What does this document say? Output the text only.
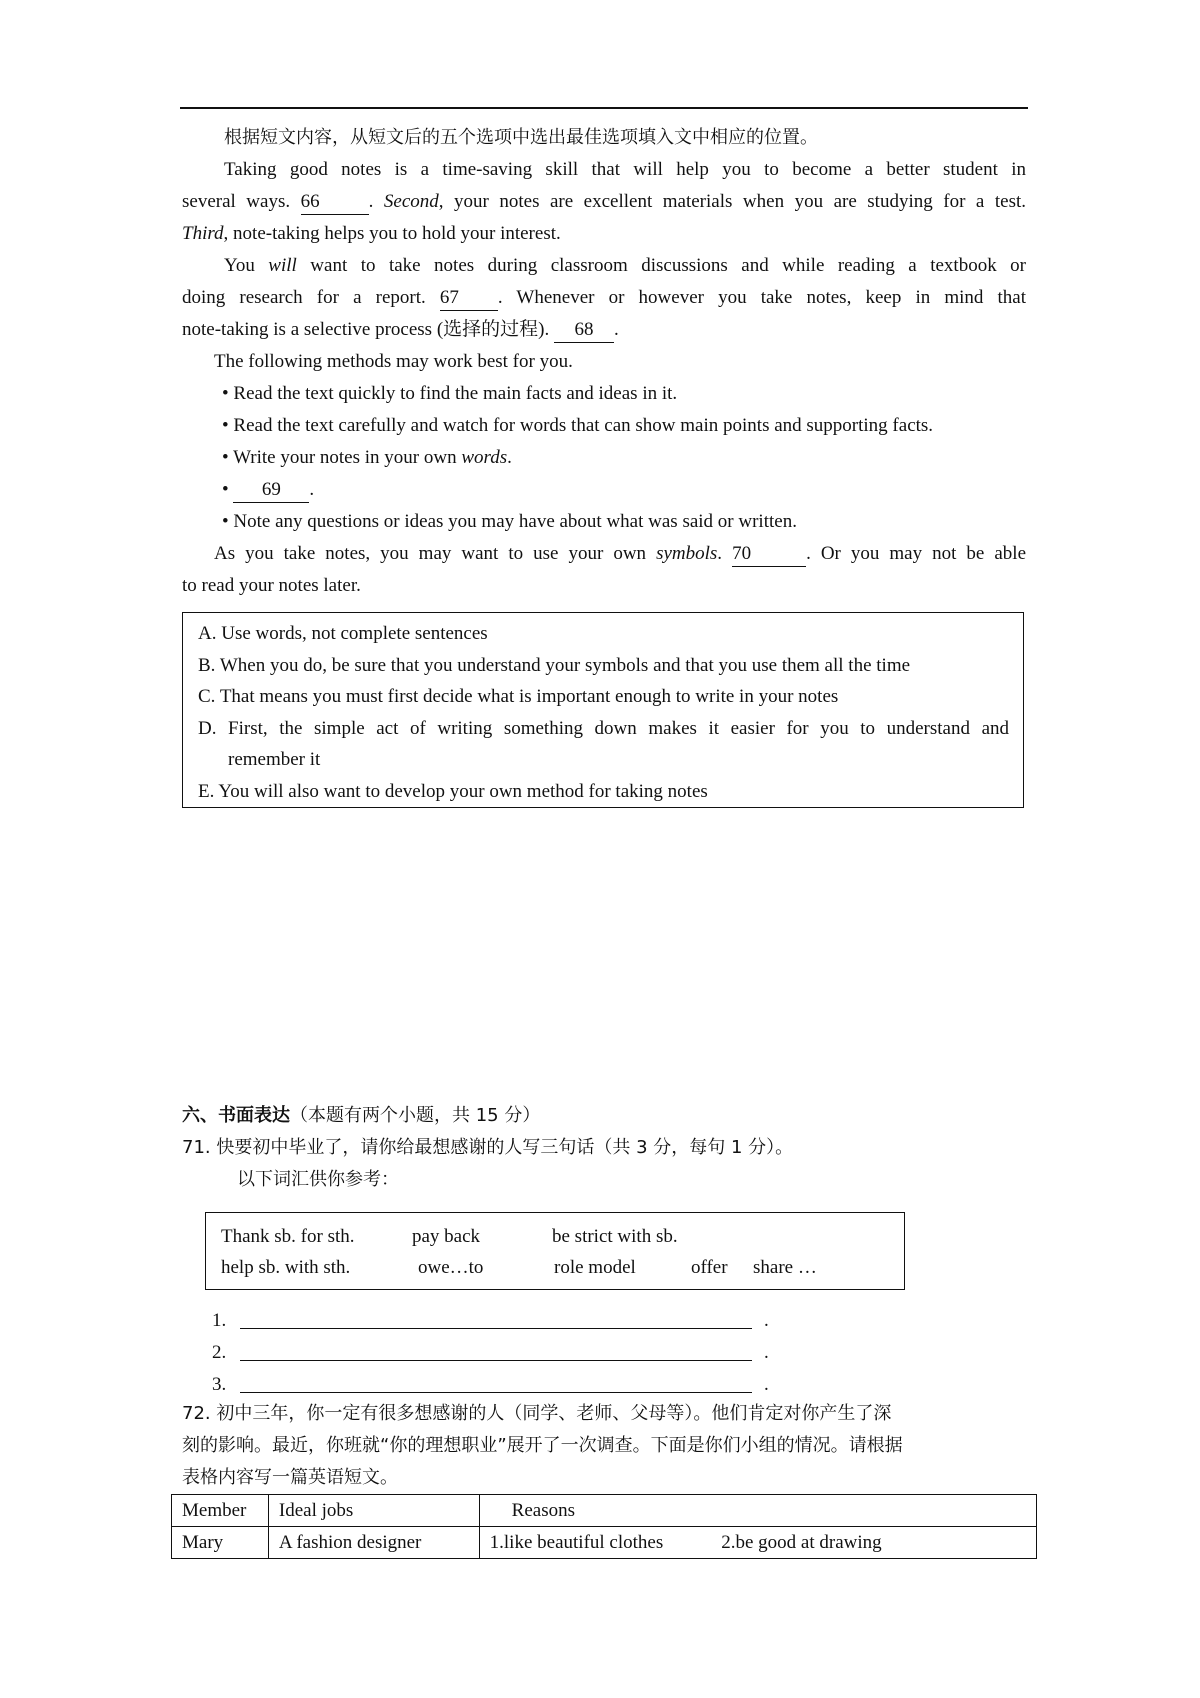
根据短文内容，从短文后的五个选项中选出最佳选项填入文中相应的位置。

Taking good notes is a time-saving skill that will help you to become a better student in

several ways. 66	. Second, your notes are excellent materials when you are studying for a test.

Third, note-taking helps you to hold your interest.

You will want to take notes during classroom discussions and while reading a textbook or

doing research for a report. 67 . Whenever or however you take notes, keep in mind that

note-taking is a selective process (选择的过程). 68 .

The following methods may work best for you.

• Read the text quickly to find the main facts and ideas in it.

• Read the text carefully and watch for words that can show main points and supporting facts.

• Write your notes in your own words.

• 69 .

• Note any questions or ideas you may have about what was said or written.

As you take notes, you may want to use your own symbols. 70	. Or you may not be able

to read your notes later.

A. Use words, not complete sentences

B. When you do, be sure that you understand your symbols and that you use them all the time

C. That means you must first decide what is important enough to write in your notes

D. First, the simple act of writing something down makes it easier for you to understand and

remember it

E. You will also want to develop your own method for taking notes

六、书面表达（本题有两个小题，共 15 分）

71. 快要初中毕业了，请你给最想感谢的人写三句话（共 3 分，每句 1 分）。

以下词汇供你参考：

Thank sb. for sth.	pay back	be strict with sb.
help sb. with sth.	owe…to	role model	offer share …
1.	.
2.	.
3.	.

72. 初中三年，你一定有很多想感谢的人（同学、老师、父母等）。他们肯定对你产生了深

刻的影响。最近，你班就“你的理想职业”展开了一次调查。下面是你们小组的情况。请根据

表格内容写一篇英语短文。

Member	Ideal jobs	Reasons
Mary	A fashion designer	1.like beautiful clothes 2.be good at drawing
